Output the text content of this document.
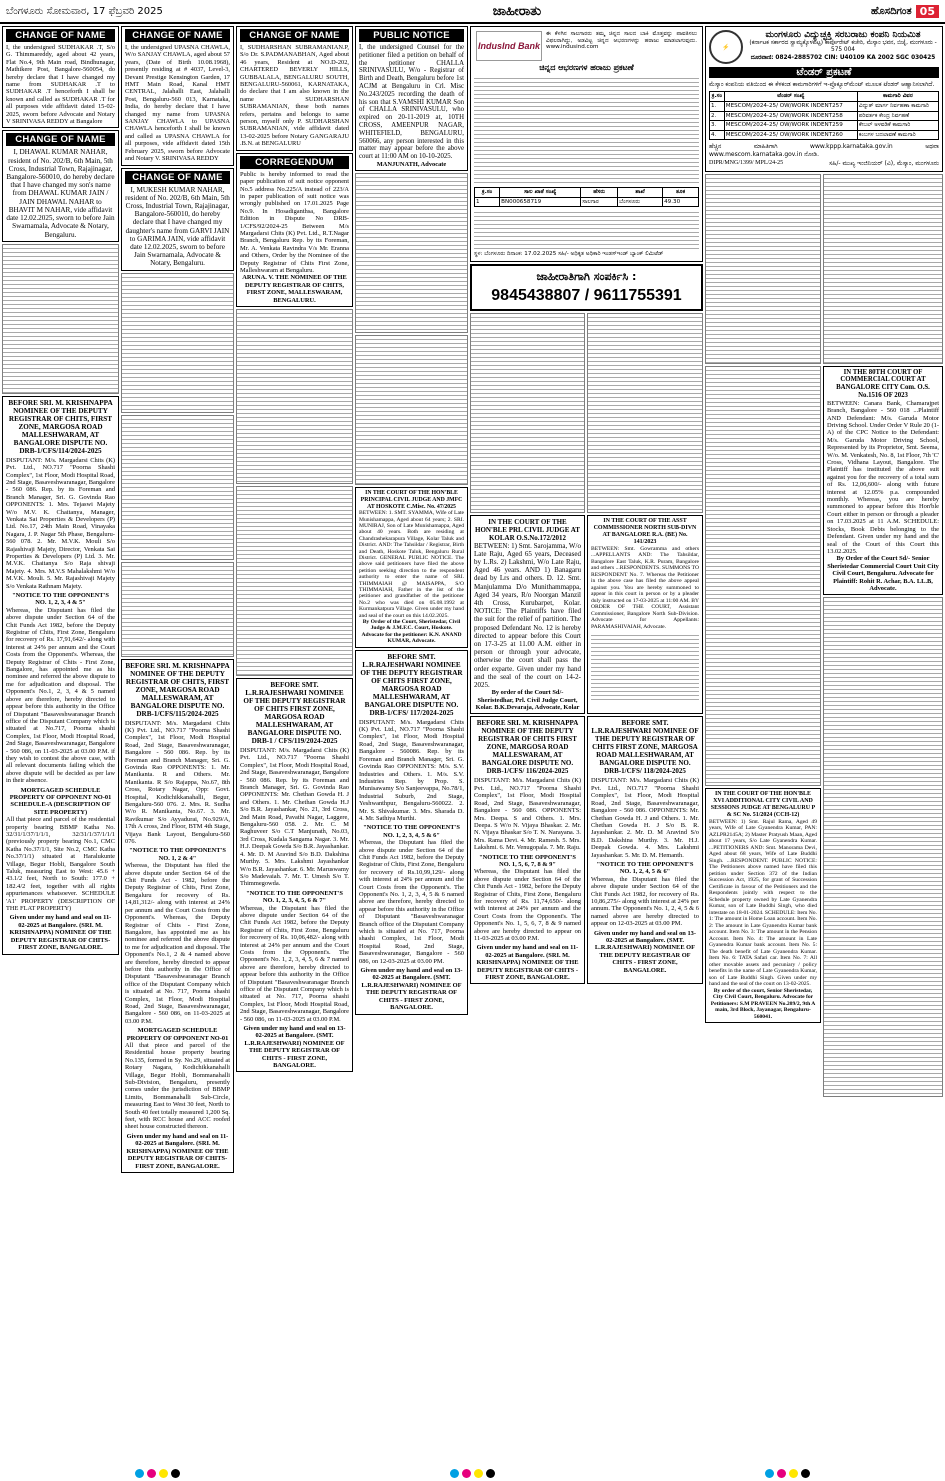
ಬೆಂಗಳೂರು ಸೋಮವಾರ, 17 ಫೆಬ್ರವರಿ 2025	ಜಾಹೀರಾತು	ಹೊಸದಿಗಂತ 05
CHANGE OF NAME
I, the undersigned SUDHAKAR .T, S/o G. Thimmareddy, aged about 42 years, Flat No.4, 9th Main road, Bindhunagar, Mathikere Post, Bangalore-560054, do hereby declare that I have changed my name from SUDHAKAR .T to SUDHAKAR .T henceforth I shall be known and called as SUDHAKAR .T for all purposes vide affidavit dated 15-02-2025, sworn before Advocate and Notary V SRINIVASA REDDY at Bangalore
CHANGE OF NAME
I, DHAWAL KUMAR NAHAR, resident of No. 202/B, 6th Main, 5th Cross, Industrial Town, Rajajinagar, Bangalore-560010, do hereby declare that I have changed my son's name from DHAWAL KUMAR JAIN / JAIN DHAWAL NAHAR to BHAVIT M NAHAR, vide affidavit date 12.02.2025, sworn to before Jain Swarnamala, Advocate & Notary, Bengaluru.
BEFORE SRI. M. KRISHNAPPA NOMINEE OF THE DEPUTY REGISTRAR OF CHITS, FIRST ZONE, MARGOSA ROAD MALLESHWARAM, AT BANGALORE DISPUTE NO. DRB-1/CFS/114/2024-2025
DISPUTANT: M/s. Margadarsi Chits (K) Pvt. Ltd., NO.717 "Poorna Shashi Complex", 1st Floor, Modi Hospital Road, 2nd Stage, Basaveshwaranagar, Bangalore - 560 086. Rep. by its Foreman and Branch Manager, Sri. G. Govinda Rao OPPONENTS: 1. Mrs. Tejaswi Majety W/o M.V. K. Chaitanya, Manager, Venkata Sai Properties & Developers (P) Ltd. No.17, 24th Main Road, Vinayaka Nagara, J. P. Nagar 5th Phase, Bengaluru-560 078. 2. Mr. M.V.K. Mouli S/o Rajashivaji Majety, Director, Venkata Sai Properties & Developers (P) Ltd. 3. Mr. M.V.K. Chaitanya S/o Raja shivaji Majety. 4. Mrs. M.V.S Mahalakshmi W/o M.V.K. Mouli. 5. Mr. Rajashivaji Majety S/o Venkata Rathnam Majety.
"NOTICE TO THE OPPONENT'S NO. 1, 2, 3, 4 & 5"
Whereas, the Disputant has filed the above dispute under Section 64 of the Chit Funds Act 1982, before the Deputy Registrar of Chits, First Zone, Bengaluru for recovery of Rs. 17,91,642/- along with interest at 24% per annum and the Court Costs from the Opponent's. Whereas, the Deputy Registrar of Chits - First Zone, Bangalore, has appointed me as his nominee and referred the above dispute to me for adjudication and disposal. The Opponent's No.1, 2, 3, 4 & 5 named above are therefore, hereby directed to appear before this authority in the Office of Disputant "Basaveshwaranagar Branch office of the Disputant Company which is situated at No.717, Poorna shashi Complex, 1st Floor, Modi Hospital Road, 2nd Stage, Basaveshwaranagar, Bangalore - 560 086, on 11-03-2025 at 03.00 P.M. if they wish to contest the above case, with all relevant documents failing which the above dispute will be decided as per law in their absence.
MORTGAGED SCHEDULE PROPERTY OF OPPONENT NO-01 SCHEDULE-A (DESCRIPTION OF SITE PROPERTY)
All that piece and parcel of the residential property bearing BBMP Katha No. 32/31/1/37/1/1/1, 32/31/1/37/1/1/1 (previously property bearing No.1, CMC Katha No.37/1/1, Site No.2, CMC Katha No.37/1/1) situated at Haralukunte Village, Begur Hobli, Bangalore South Taluk, measuring East to West: 45.6 + 43.1/2 feet, North to South: 177.0 + 182.4/2 feet, together with all rights appurtenances whatsoever. SCHEDULE 'A1' PROPERTY (DESCRIPTION OF THE FLAT PROPERTY)
Given under my hand and seal on 11-02-2025 at Bangalore. (SRI. M. KRISHNAPPA) NOMINEE OF THE DEPUTY REGISTRAR OF CHITS-FIRST ZONE, BANGALORE.
CHANGE OF NAME
I, the undersigned UPASNA CHAWLA, W/o SANJAY CHAWLA, aged about 57 years, (Date of Birth 10.08.1968), presently residing at # 4037, Level-3, Devant Prestige Kensington Garden, 17 HMT Main Road, Kanal HMT CENTRAL, Jalahalli East, Jalahalli Post, Bengaluru-560 013, Karnataka, India, do hereby declare that I have changed my name from UPASNA SANJAY CHAWLA to UPASNA CHAWLA henceforth I shall be known and called as UPASNA CHAWLA for all purposes, vide affidavit dated 15th February 2025, sworn before Advocate and Notary V. SRINIVASA REDDY
CHANGE OF NAME
I, MUKESH KUMAR NAHAR, resident of No. 202/B, 6th Main, 5th Cross, Industrial Town, Rajajinagar, Bangalore-560010, do hereby declare that I have changed my daughter's name from GARVI JAIN to GARIMA JAIN, vide affidavit date 12.02.2025, sworn to before Jain Swarnamala, Advocate & Notary, Bengaluru.
BEFORE SRI. M. KRISHNAPPA NOMINEE OF THE DEPUTY REGISTRAR OF CHITS, FIRST ZONE, MARGOSA ROAD MALLESWARAM, AT BANGALORE DISPUTE NO. DRB-1/CFS/115/2024-2025
DISPUTANT: M/s. Margadarsi Chits (K) Pvt. Ltd., NO.717 "Poorna Shashi Complex", 1st Floor, Modi Hospital Road, 2nd Stage, Basaveshwaranagar, Bangalore - 560 086. Rep. by its Foreman and Branch Manager, Sri. G. Govinda Rao OPPONENTS: 1. Mr. Manikanta. R and Others. Mr. Manikanta. R S/o Rajappa, No.67, 8th Cross, Rotary Nagar, Opp: Govt. Hospital, Kodichikkanahalli, Begur, Bengaluru-560 076. 2. Mrs. R. Sudha W/o R. Manikanta, No.67. 3. Mr. Ravikumar S/o Ayyadurai, No.929/A, 17th A cross, 2nd Floor, BTM 4th Stage, Vijaya Bank Layout, Bengaluru-560 076.
"NOTICE TO THE OPPONENT'S NO. 1, 2 & 4"
Whereas, the Disputant has filed the above dispute under Section 64 of the Chit Funds Act - 1982, before the Deputy Registrar of Chits, First Zone, Bengaluru for recovery of Rs. 14,81,312/- along with interest at 24% per annum and the Court Costs from the Opponent's. Whereas, the Deputy Registrar of Chits - First Zone, Bangalore, has appointed me as his nominee and referred the above dispute to me for adjudication and disposal. The Opponent's No.1, 2 & 4 named above are therefore, hereby directed to appear before this authority in the Office of Disputant "Basaveshwaranagar Branch office of the Disputant Company which is situated at No. 717, Poorna shashi Complex, 1st Floor, Modi Hospital Road, 2nd Stage, Basaveshwaranagar, Bangalore - 560 086, on 11-03-2025 at 03.00 P.M.
MORTGAGED SCHEDULE PROPERTY OF OPPONENT NO-01
All that piece and parcel of the Residential house property bearing No.135, formed in Sy. No.29, situated at Rotary Nagara, Kodichikkanahalli Village, Begur Hobli, Bommanahalli Sub-Division, Bengaluru, presently comes under the jurisdiction of BBMP Limits, Bommanahalli Sub-Circle, measuring East to West 30 feet, North to South 40 feet totally measured 1,200 Sq. feet, with RCC house and ACC roofed sheet house constructed thereon.
Given under my hand and seal on 11-02-2025 at Bangalore. (SRI. M. KRISHNAPPA) NOMINEE OF THE DEPUTY REGISTRAR OF CHITS-FIRST ZONE, BANGALORE.
CHANGE OF NAME
I, SUDHARSHAN SUBRAMANIAN.P, S/o Dr. S.PADMANABHAN, Aged about 46 years, Resident at NO.D-202, CHARTERED BEVERLY HILLS, GUBBALALA, BENGALURU SOUTH, BENGALURU-560061, KARNATAKA, do declare that I am also known in the name SUDHARSHAN SUBRAMANIAN, these both names refers, pertains and belongs to same person, myself only P. SUDHARSHAN SUBRAMANIAN, vide affidavit dated 13-02-2025 before Notary GANGARAJU .B.N. at BENGALURU
CORREGENDUM
Public is hereby informed to read the paper publication of suit notice opponent No.5 address No.225/A instead of 223/A in paper publication of suit notice was wrongly published on 17.01.2025 Page No.9. In Hosadiganthsa, Bangalore Edition in Dispute No DRB-1/CFS/92/2024-25 Between M/s Margadarsi Chits (K) Pvt. Ltd., R.T.Nagar Branch, Bengaluru Rep. by its Foreman, Mr. A. Venkata Ravindra V/s Mr. Eranna and Others, Order by the Nominee of the Deputy Registrar of Chits First Zone, Malleshwaram at Bengaluru.
ARUNA. V. THE NOMINEE OF THE DEPUTY REGISTRAR OF CHITS, FIRST ZONE, MALLESWARAM, BENGALURU.
BEFORE SMT. L.R.RAJESHWARI NOMINEE OF THE DEPUTY REGISTRAR OF CHITS FIRST ZONE, MARGOSA ROAD MALLESHWARAM, AT BANGALORE DISPUTE NO. DRB-1 / CFS/119/2024-2025
DISPUTANT: M/s. Margadarsi Chits (K) Pvt. Ltd., NO.717 "Poorna Shashi Complex", 1st Floor, Modi Hospital Road, 2nd Stage, Basaveshwaranagar, Bangalore - 560 086. Rep. by its Foreman and Branch Manager, Sri. G. Govinda Rao OPPONENTS: Mr. Chethan Gowda H. J and Others. 1. Mr. Chethan Gowda H.J S/o B.R. Jayashankar, No. 21, 3rd Cross, 2nd Main Road, Pavathi Nagar, Laggere, Bengaluru-560 058. 2. Mr. C. M Raghuveer S/o C.T Manjunath, No.03, 3rd Cross, Kudala Sangama Nagar. 3. Mr. H.J. Deepak Gowda S/o B.R. Jayashankar. 4. Mr. D. M Aravind S/o B.D. Dakshina Murthy. 5. Mrs. Lakshmi Jayashankar W/o B.R. Jayashankar. 6. Mr. Maruswamy S/o Madevaiah. 7. Mr. T. Umesh S/o T. Thimmegowda.
"NOTICE TO THE OPPONENT'S NO. 1, 2, 3, 4, 5, 6 & 7"
Whereas, the Disputant has filed the above dispute under Section 64 of the Chit Funds Act 1982, before the Deputy Registrar of Chits, First Zone, Bengaluru for recovery of Rs. 10,06,482/- along with interest at 24% per annum and the Court Costs from the Opponent's. The Opponent's No. 1, 2, 3, 4, 5, 6 & 7 named above are therefore, hereby directed to appear before this authority in the Office of Disputant "Basaveshwaranagar Branch office of the Disputant Company which is situated at No. 717, Poorna shashi Complex, 1st Floor, Modi Hospital Road, 2nd Stage, Basaveshwaranagar, Bangalore - 560 086, on 11-03-2025 at 03.00 P.M.
Given under my hand and seal on 13-02-2025 at Bangalore. (SMT. L.R.RAJESHWARI) NOMINEE OF THE DEPUTY REGISTRAR OF CHITS - FIRST ZONE, BANGALORE.
PUBLIC NOTICE
I, the undersigned Counsel for the petitioner filed a petition on behalf of the petitioner CHALLA SRINIVASULU, W/o - Registrar of Birth and Death, Bengaluru before 1st ACJM at Bengaluru in Crl. Misc No.243/2025 recording the death of his son that S.VAMSHI KUMAR Son of CHALLA SRINIVASULU, who expired on 20-11-2019 at, 10TH CROSS, AMEENPUR NAGAR, WHITEFIELD, BENGALURU, 560066, any person interested in this matter may appear before the above court at 11:00 AM on 10-10-2025.
MANJUNATH, Advocate
IN THE COURT OF THE HON'BLE PRINCIPAL CIVIL JUDGE AND JMFC AT HOSKOTE C.Misc. No. 47/2025
BETWEEN: 1. SMT. SYAMMA, Wife of Late Munishamappa, Aged about 64 years; 2. SRI. MUNIRAJ, Son of Late Munishamappa, Aged about 40 years. Both are residing at Chandrashekarapura Village, Kolar Taluk and District. AND: The Tahsildar / Registrar, Birth and Death, Hoskote Taluk, Bengaluru Rural District. GENERAL PUBLIC NOTICE. The above said petitioners have filed the above petition seeking direction to the respondent authority to enter the name of SRI. THIMMAIAH @ MAISAPPA, S/O THIMMAIAH, Father in the list of the petitioner and grandfather of the petitioner No.2 who was died on 05.08.1992 at Kurmankatpura Village. Given under my hand and seal of the court on this 14.02.2025.
By Order of the Court, Sheristedar, Civil Judge & J.M.F.C. Court, Hoskote. Advocate for the petitioner: K.N. ANAND KUMAR, Advocate.
BEFORE SMT. L.R.RAJESHWARI NOMINEE OF THE DEPUTY REGISTRAR OF CHITS FIRST ZONE, MARGOSA ROAD MALLESHWARAM, AT BANGALORE DISPUTE NO. DRB-1/CFS/ 117/2024-2025
DISPUTANT: M/s. Margadarsi Chits (K) Pvt. Ltd., NO.717 "Poorna Shashi Complex", 1st Floor, Modi Hospital Road, 2nd Stage, Basaveshwaranagar, Bangalore - 560086. Rep. by its Foreman and Branch Manager, Sri. G. Govinda Rao OPPONENTS: M/s. S.V. Industries and Others. 1. M/s. S.V. Industries Rep. by Prop. S. Munisawamy S/o Sanjeevappa, No.78/1, Industrial Suburb, 2nd Stage, Yeshwanthpur, Bengaluru-560022. 2. Mr. S. Shivakumar. 3. Mrs. Sharada D. 4. Mr. Sathiya Murthi.
"NOTICE TO THE OPPONENT'S NO. 1, 2, 3, 4, 5 & 6"
Whereas, the Disputant has filed the above dispute under Section 64 of the Chit Funds Act 1982, before the Deputy Registrar of Chits, First Zone, Bengaluru for recovery of Rs.10,99,129/- along with interest at 24% per annum and the Court Costs from the Opponent's. The Opponent's No. 1, 2, 3, 4, 5 & 6 named above are therefore, hereby directed to appear before this authority in the Office of Disputant "Basaveshwaranagar Branch office of the Disputant Company which is situated at No. 717, Poorna shashi Complex, 1st Floor, Modi Hospital Road, 2nd Stage, Basaveshwaranagar, Bangalore - 560 086, on 12-03-2025 at 03.00 PM.
Given under my hand and seal on 13-02-2025 at Bangalore. (SMT. L.R.RAJESHWARI) NOMINEE OF THE DEPUTY REGISTRAR OF CHITS - FIRST ZONE, BANGALORE.
IndusInd Bank
ಈ ಕೆಳಗಿನ ಸಾಲಗಾರರು ತಮ್ಮ ಚಿನ್ನದ ಸಾಲದ ಬಾಕಿ ಮೊತ್ತವನ್ನು ಪಾವತಿಸಲು ವಿಫಲರಾಗಿದ್ದು, ಅಡವಿಟ್ಟ ಚಿನ್ನದ ಆಭರಣಗಳನ್ನು ಹರಾಜು ಮಾಡಲಾಗುವುದು. www.indusind.com
ಚಿನ್ನದ ಆಭರಣಗಳ ಹರಾಜು ಪ್ರಕಟಣೆ
ಕ್ರ.ಸಂ	ಸಾಲ ಖಾತೆ ಸಂಖ್ಯೆ	ಹೆಸರು	ಶಾಖೆ	ತೂಕ
1	BN000658719	ಸಾಲಗಾರ	ಬೆಂಗಳೂರು	49.30
ಸ್ಥಳ: ಬೆಂಗಳೂರು ದಿನಾಂಕ: 17.02.2025 ಸಹಿ/- ಅಧಿಕೃತ ಅಧಿಕಾರಿ ಇಂಡಸ್‌ಇಂಡ್ ಬ್ಯಾಂಕ್ ಲಿಮಿಟೆಡ್
ಜಾಹೀರಾತಿಗಾಗಿ ಸಂಪರ್ಕಿಸಿ :
9845438807 / 9611755391
IN THE COURT OF THE HON'BLE PRL CIVIL JUDGE AT KOLAR O.S.No.172/2012
BETWEEN: 1) Smt. Sarojamma, W/o Late Raju, Aged 65 years, Deceased by L.Rs. 2) Lakshmi, W/o Late Raju, Aged 46 years. AND 1) Banagaru dead by Lrs and others. D. 12. Smt. Manjulamma D/o Munithammappa, Aged 34 years, R/o Noorgan Manzil 4th Cross, Kurubarpet, Kolar. NOTICE: The Plaintiffs have filed the suit for the relief of partition. The proposed Defendant No. 12 is hereby directed to appear before this Court on 17-3-25 at 11.00 A.M. either in person or through your advocate, otherwise the court shall pass the order exparte. Given under my hand and the seal of the court on 14-2-2025.
By order of the Court Sd/- Sheristedhar, Prl. Civil Judge Court, Kolar. B.K.Devaraja, Advocate, Kolar
IN THE COURT OF THE ASST COMMISSIONER NORTH SUB-DIVN AT BANGALORE R.A. (BE) No. 141/2023
BETWEEN: Smt. Gowramma and others ...APPELLANTS AND: The Tahsildar, Bangalore East Taluk, K.R. Puram, Bangalore and others ...RESPONDENTS. SUMMONS TO RESPONDENT No. 7. Whereas the Petitioner in the above case has filed the above appeal against you. You are hereby summoned to appear in this court in person or by a pleader duly instructed on 17-03-2025 at 11:00 AM. BY ORDER OF THE COURT, Assistant Commissioner, Bangalore North Sub-Division. Advocate for Appellants: PARAMASHIVAIAH, Advocate.
BEFORE SRI. M. KRISHNAPPA NOMINEE OF THE DEPUTY REGISTRAR OF CHITS FIRST ZONE, MARGOSA ROAD MALLESWARAM, AT BANGALORE DISPUTE NO. DRB-1/CFS/ 116/2024-2025
DISPUTANT: M/s. Margadarsi Chits (K) Pvt. Ltd., NO.717 "Poorna Shashi Complex", 1st Floor, Modi Hospital Road, 2nd Stage, Basaveshwaranagar, Bangalore - 560 086. OPPONENTS: Mrs. Deepa. S and Others. 1. Mrs. Deepa. S W/o N. Vijaya Bhaskar. 2. Mr. N. Vijaya Bhaskar S/o T. N. Narayana. 3. Mrs. Rama Devi. 4. Mr. Ramesh. 5. Mrs. Lakshmi. 6. Mr. Venugopala. 7. Mr. Raju.
"NOTICE TO THE OPPONENT'S NO. 1, 5, 6, 7, 8 & 9"
Whereas, the Disputant has filed the above dispute under Section 64 of the Chit Funds Act - 1982, before the Deputy Registrar of Chits, First Zone, Bengaluru for recovery of Rs. 11,74,650/- along with interest at 24% per annum and the Court Costs from the Opponent's. The Opponent's No. 1, 5, 6, 7, 8 & 9 named above are hereby directed to appear on 11-03-2025 at 03.00 P.M.
Given under my hand and seal on 11-02-2025 at Bangalore. (SRI. M. KRISHNAPPA) NOMINEE OF THE DEPUTY REGISTRAR OF CHITS - FIRST ZONE, BANGALORE.
BEFORE SMT. L.R.RAJESHWARI NOMINEE OF THE DEPUTY REGISTRAR OF CHITS FIRST ZONE, MARGOSA ROAD MALLESHWARAM, AT BANGALORE DISPUTE NO. DRB-1/CFS/ 118/2024-2025
DISPUTANT: M/s. Margadarsi Chits (K) Pvt. Ltd., NO.717 "Poorna Shashi Complex", 1st Floor, Modi Hospital Road, 2nd Stage, Basaveshwaranagar, Bangalore - 560 086. OPPONENTS: Mr. Chethan Gowda H. J and Others. 1. Mr. Chethan Gowda H. J S/o B. R. Jayashankar. 2. Mr. D. M Aravind S/o B.D. Dakshina Murthy. 3. Mr. H.J. Deepak Gowda. 4. Mrs. Lakshmi Jayashankar. 5. Mr. D. M. Hemanth.
"NOTICE TO THE OPPONENT'S NO. 1, 2, 4, 5 & 6"
Whereas, the Disputant has filed the above dispute under Section 64 of the Chit Funds Act 1982, for recovery of Rs. 10,86,275/- along with interest at 24% per annum. The Opponent's No. 1, 2, 4, 5 & 6 named above are hereby directed to appear on 12-03-2025 at 03.00 PM.
Given under my hand and seal on 13-02-2025 at Bangalore. (SMT. L.R.RAJESHWARI) NOMINEE OF THE DEPUTY REGISTRAR OF CHITS - FIRST ZONE, BANGALORE.
⚡
ಮಂಗಳೂರು ವಿದ್ಯುಚ್ಛಕ್ತಿ ಸರಬರಾಜು ಕಂಪನಿ ನಿಯಮಿತ
(ಕರ್ನಾಟಕ ಸರ್ಕಾರದ ಸ್ವಾಮ್ಯಕ್ಕೊಳಪಟ್ಟ) ಕಾರ್ಪೊರೇಟ್ ಕಚೇರಿ, ಮೆಸ್ಕಾಂ ಭವನ, ಬಿಜೈ, ಮಂಗಳೂರು - 575 004
ದೂರವಾಣಿ: 0824-2885702 CIN: U40109 KA 2002 SGC 030425
ಟೆಂಡರ್ ಪ್ರಕಟಣೆ
ಮೆಸ್ಕಾಂ ಕಂಪನಿಯ ವತಿಯಿಂದ ಈ ಕೆಳಕಂಡ ಕಾಮಗಾರಿಗಳಿಗೆ ಇ-ಪ್ರೊಕ್ಯೂರ್‌ಮೆಂಟ್ ಮೂಲಕ ಟೆಂಡರ್ ಆಹ್ವಾನಿಸಲಾಗಿದೆ.
ಕ್ರ.ಸಂ	ಟೆಂಡರ್ ಸಂಖ್ಯೆ	ಕಾಮಗಾರಿ ವಿವರ
1.	MESCOM/2024-25/ OW/WORK INDENT257	ವಿದ್ಯುತ್ ಮಾರ್ಗ ನಿರ್ವಹಣಾ ಕಾಮಗಾರಿ
2.	MESCOM/2024-25/ OW/WORK INDENT258	ಪರಿವರ್ತಕ ಕೇಂದ್ರ ನಿರ್ವಹಣೆ
3.	MESCOM/2024-25/ OW/WORK INDENT259	ಕೇಬಲ್ ಅಳವಡಿಕೆ ಕಾಮಗಾರಿ
4.	MESCOM/2024-25/ OW/WORK INDENT260	ಕಂಬಗಳ ಬದಲಾವಣೆ ಕಾಮಗಾರಿ
ಹೆಚ್ಚಿನ ಮಾಹಿತಿಗಾಗಿ www.kppp.karnataka.gov.in ಅಥವಾ www.mescom.karnataka.gov.in ನೋಡಿ.
DIPR/MNG/1399/ MPL/24-25	ಸಹಿ/- ಮುಖ್ಯ ಇಂಜಿನಿಯರ್ (ವಿ), ಮೆಸ್ಕಾಂ, ಮಂಗಳೂರು
IN THE COURT OF THE HON'BLE XVI ADDITIONAL CITY CIVIL AND SESSIONS JUDGE AT BENGALURU P & SC No. 51/2024 (CCH-12)
BETWEEN: 1) Smt. Rajul Rama, Aged 49 years, Wife of Late Gyanendra Kumar, PAN: AZLPR2145A; 2) Master Pratyush Maan, Aged about 17 years, S/o Late Gyanendra Kumar. ...PETITIONERS AND: Smt. Manorama Devi, Aged about 68 years, Wife of Late Buddhi Singh. ...RESPONDENT. PUBLIC NOTICE: The Petitioners above named have filed this petition under Section 372 of the Indian Succession Act, 1925, for grant of Succession Certificate in favour of the Petitioners and the Respondents jointly with respect to the Schedule property owned by Late Gyanendra Kumar, son of Late Buddhi Singh, who died intestate on 18-01-2024. SCHEDULE: Item No. 1: The amount in Home Loan account. Item No. 2: The amount in Late Gyanendra Kumar bank account. Item No. 3: The amount in the Pension Account. Item No. 4: The amount in Late Gyanendra Kumar bank account. Item No. 5: The death benefit of Late Gyanendra Kumar. Item No. 6: TATA Safari car. Item No. 7: All other movable assets and pecuniary / policy benefits in the name of Late Gyanendra Kumar, son of Late Buddhi Singh. Given under my hand and the seal of the court on 13-02-2025.
By order of the court, Senior Sheristedar, City Civil Court, Bengaluru. Advocate for Petitioners: S.M PRAVEEN No.209/2, 9th A main, 3rd Block, Jayanagar, Bengaluru-560041.
IN THE 80TH COURT OF COMMERCIAL COURT AT BANGALORE CITY Com. O.S. No.1516 OF 2023
BETWEEN: Canara Bank, Chamarajpet Branch, Bangalore - 560 018 ...Plaintiff AND Defendant: M/s. Garuda Motor Driving School. Under Order V Rule 20 (1-A) of the CPC Notice to the Defendant: M/s. Garuda Motor Driving School, Represented by its Proprietor, Smt. Seema, W/o. M. Venkatesh, No. 8, 1st Floor, 7th 'C' Cross, Vidhana Layout, Bangalore. The Plaintiff has instituted the above suit against you for the recovery of a total sum of Rs. 12,06,600/- along with future interest at 12.05% p.a. compounded monthly. Whereas, you are hereby summoned to appear before this Hon'ble Court either in person or through a pleader on 17.03.2025 at 11 A.M. SCHEDULE: Stocks, Book Debts belonging to the Defendant. Given under my hand and the seal of the Court of this Court this 13.02.2025.
By Order of the Court Sd/- Senior Sheristedar Commercial Court Unit City Civil Court, Bengaluru. Advocate for Plaintiff: Rohit R. Achar, B.A. LL.B, Advocate.
